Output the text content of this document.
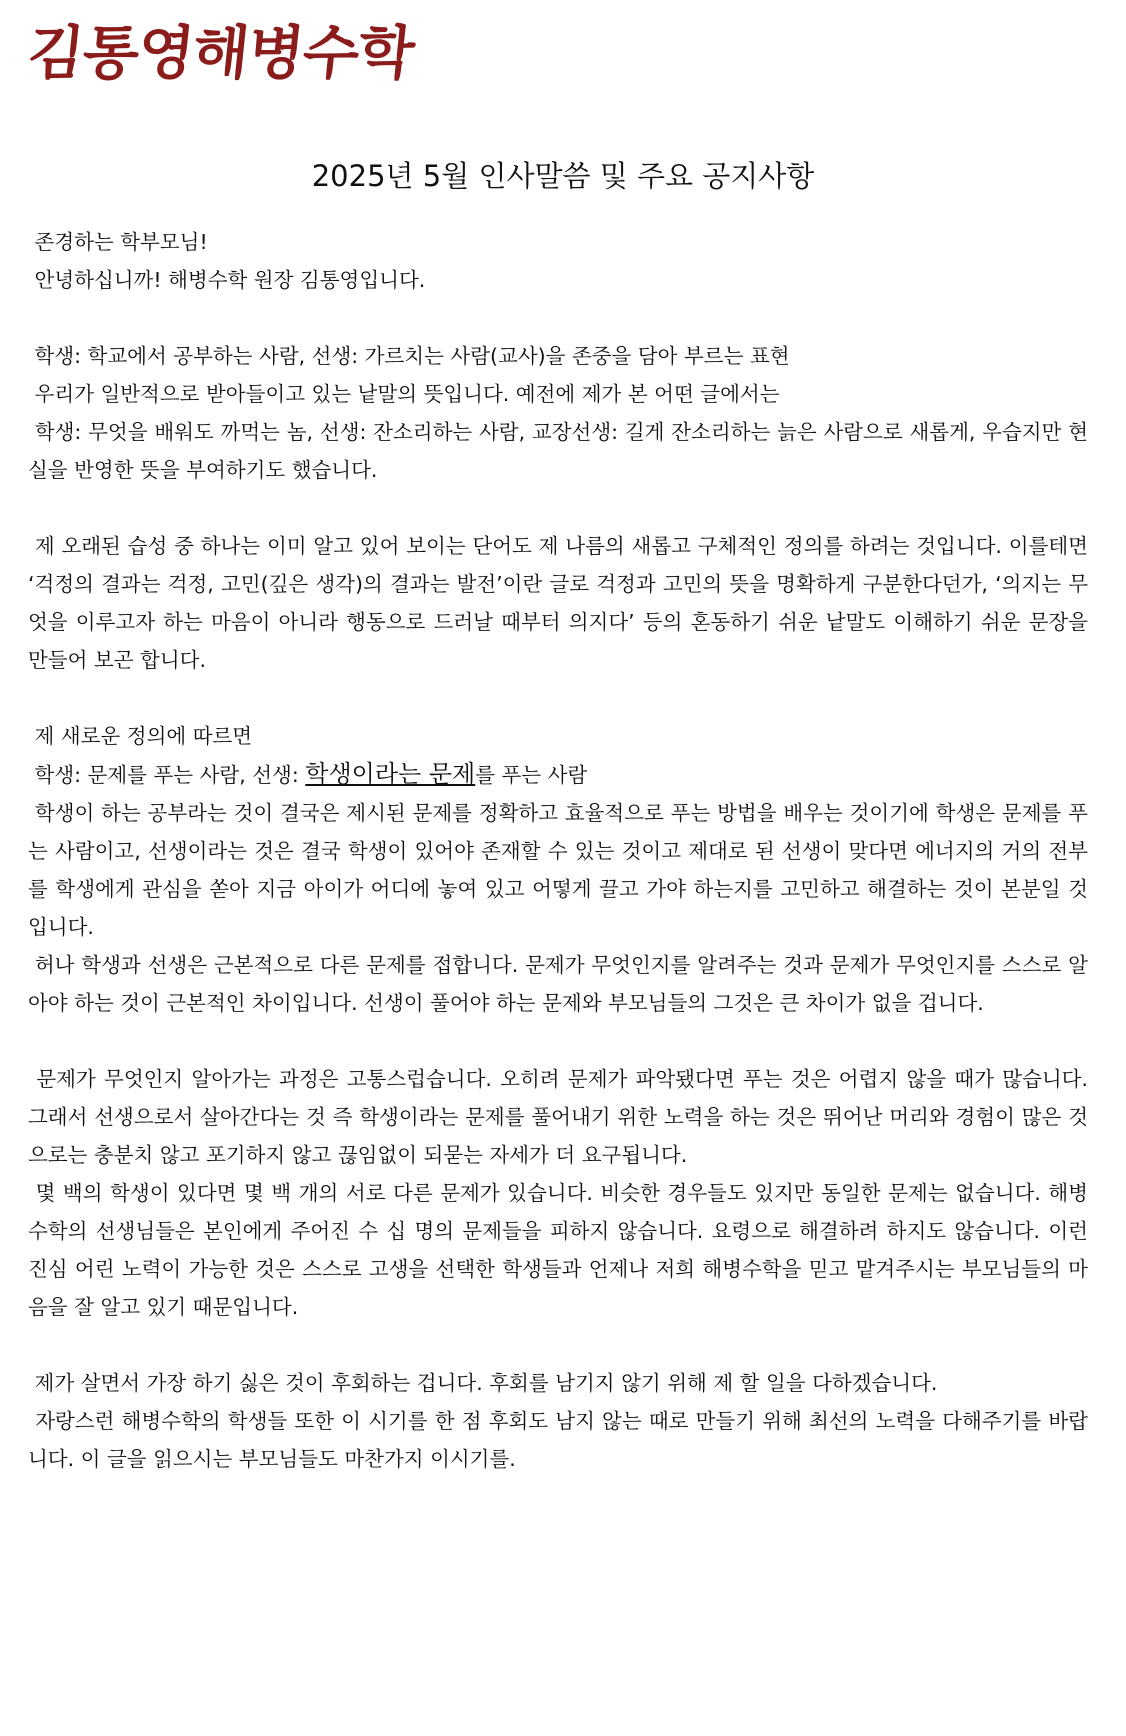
김통영해병수학
2025년 5월 인사말씀 및 주요 공지사항

존경하는 학부모님!

안녕하십니까! 해병수학 원장 김통영입니다.

학생: 학교에서 공부하는 사람, 선생: 가르치는 사람(교사)을 존중을 담아 부르는 표현

우리가 일반적으로 받아들이고 있는 낱말의 뜻입니다. 예전에 제가 본 어떤 글에서는

학생: 무엇을 배워도 까먹는 놈, 선생: 잔소리하는 사람, 교장선생: 길게 잔소리하는 늙은 사람으로 새롭게, 우습지만 현실을 반영한 뜻을 부여하기도 했습니다.

제 오래된 습성 중 하나는 이미 알고 있어 보이는 단어도 제 나름의 새롭고 구체적인 정의를 하려는 것입니다. 이를테면 ‘걱정의 결과는 걱정, 고민(깊은 생각)의 결과는 발전’이란 글로 걱정과 고민의 뜻을 명확하게 구분한다던가, ‘의지는 무엇을 이루고자 하는 마음이 아니라 행동으로 드러날 때부터 의지다’ 등의 혼동하기 쉬운 낱말도 이해하기 쉬운 문장을 만들어 보곤 합니다.

제 새로운 정의에 따르면

학생: 문제를 푸는 사람, 선생: 학생이라는 문제를 푸는 사람

학생이 하는 공부라는 것이 결국은 제시된 문제를 정확하고 효율적으로 푸는 방법을 배우는 것이기에 학생은 문제를 푸는 사람이고, 선생이라는 것은 결국 학생이 있어야 존재할 수 있는 것이고 제대로 된 선생이 맞다면 에너지의 거의 전부를 학생에게 관심을 쏟아 지금 아이가 어디에 놓여 있고 어떻게 끌고 가야 하는지를 고민하고 해결하는 것이 본분일 것입니다.

허나 학생과 선생은 근본적으로 다른 문제를 접합니다. 문제가 무엇인지를 알려주는 것과 문제가 무엇인지를 스스로 알아야 하는 것이 근본적인 차이입니다. 선생이 풀어야 하는 문제와 부모님들의 그것은 큰 차이가 없을 겁니다.

문제가 무엇인지 알아가는 과정은 고통스럽습니다. 오히려 문제가 파악됐다면 푸는 것은 어렵지 않을 때가 많습니다. 그래서 선생으로서 살아간다는 것 즉 학생이라는 문제를 풀어내기 위한 노력을 하는 것은 뛰어난 머리와 경험이 많은 것으로는 충분치 않고 포기하지 않고 끊임없이 되묻는 자세가 더 요구됩니다.

몇 백의 학생이 있다면 몇 백 개의 서로 다른 문제가 있습니다. 비슷한 경우들도 있지만 동일한 문제는 없습니다. 해병수학의 선생님들은 본인에게 주어진 수 십 명의 문제들을 피하지 않습니다. 요령으로 해결하려 하지도 않습니다. 이런 진심 어린 노력이 가능한 것은 스스로 고생을 선택한 학생들과 언제나 저희 해병수학을 믿고 맡겨주시는 부모님들의 마음을 잘 알고 있기 때문입니다.

제가 살면서 가장 하기 싫은 것이 후회하는 겁니다. 후회를 남기지 않기 위해 제 할 일을 다하겠습니다.

자랑스런 해병수학의 학생들 또한 이 시기를 한 점 후회도 남지 않는 때로 만들기 위해 최선의 노력을 다해주기를 바랍니다. 이 글을 읽으시는 부모님들도 마찬가지 이시기를.
